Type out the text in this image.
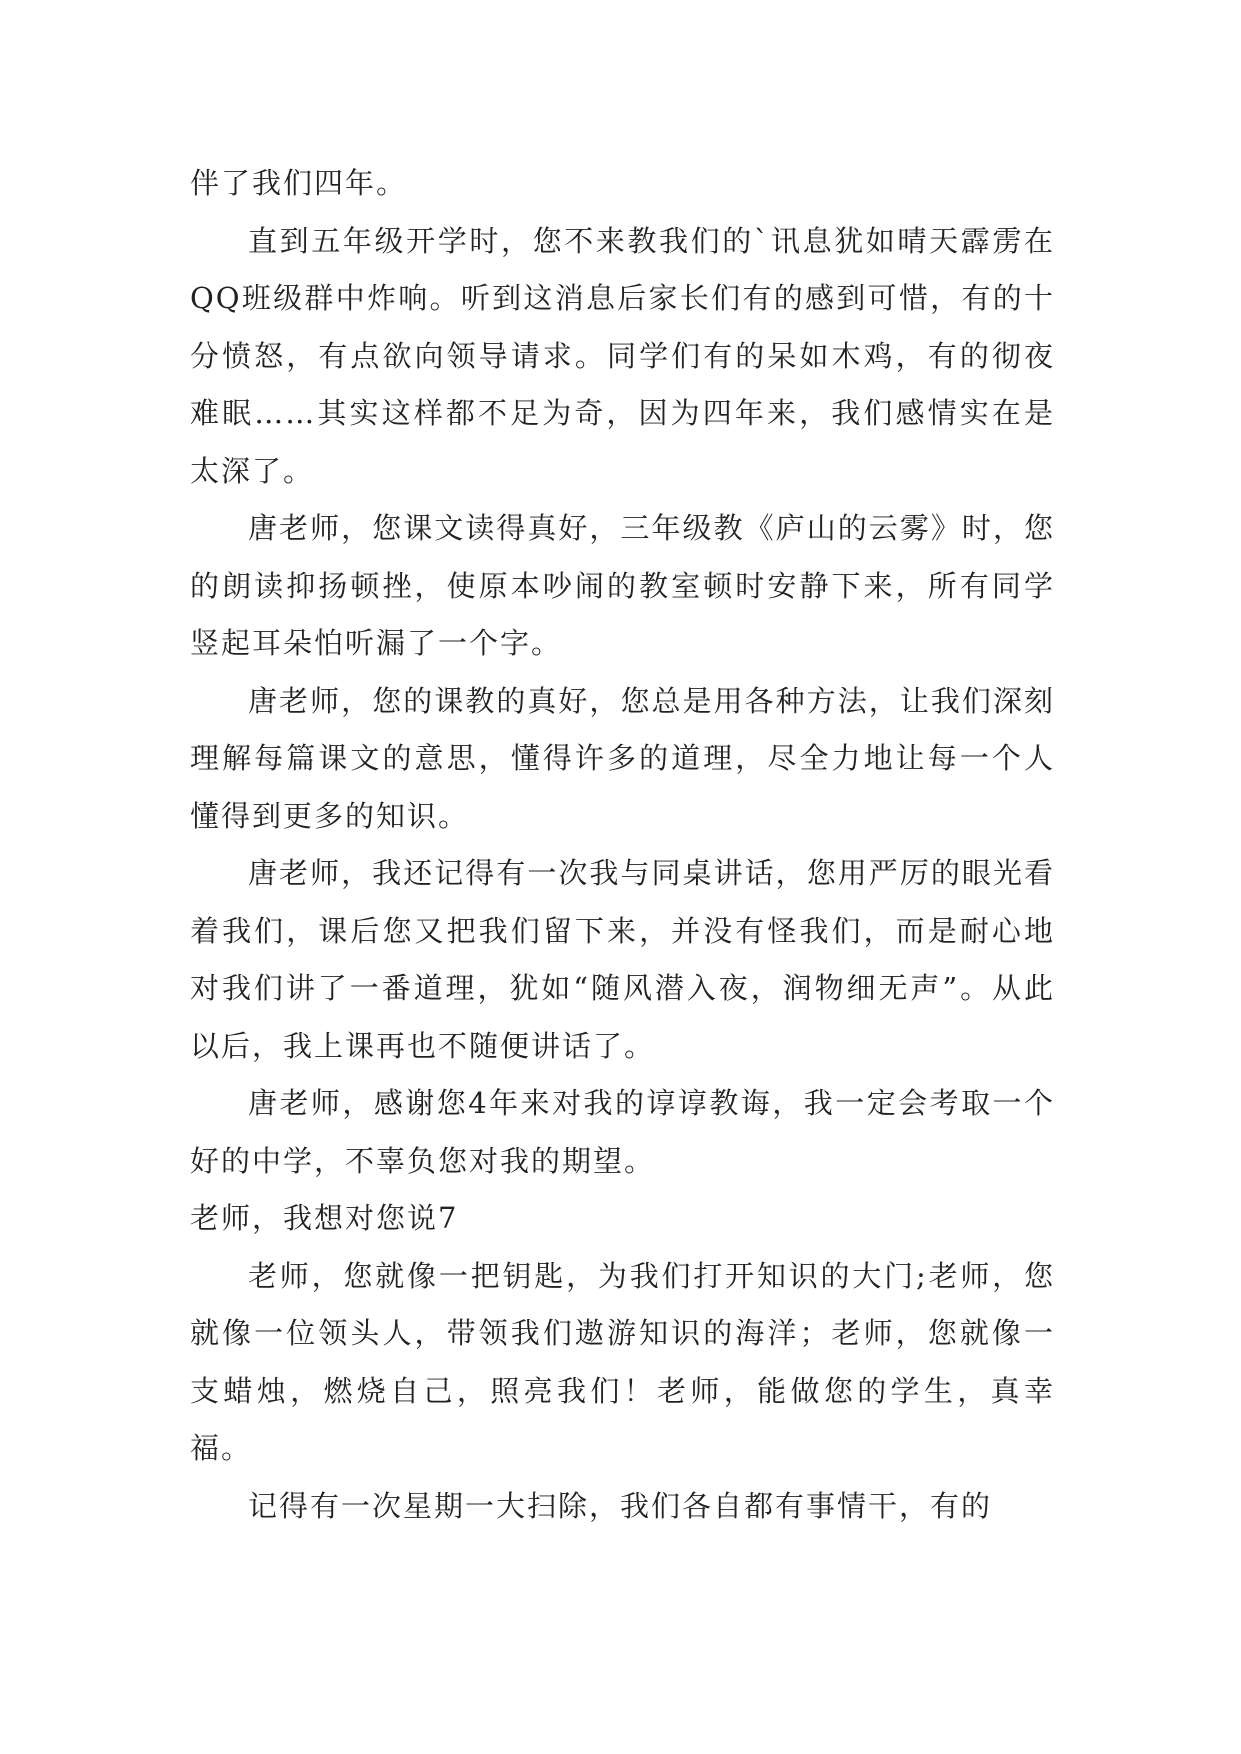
伴了我们四年。

直到五年级开学时，您不来教我们的`讯息犹如晴天霹雳在QQ班级群中炸响。听到这消息后家长们有的感到可惜，有的十分愤怒，有点欲向领导请求。同学们有的呆如木鸡，有的彻夜难眠……其实这样都不足为奇，因为四年来，我们感情实在是太深了。

唐老师，您课文读得真好，三年级教《庐山的云雾》时，您的朗读抑扬顿挫，使原本吵闹的教室顿时安静下来，所有同学竖起耳朵怕听漏了一个字。

唐老师，您的课教的真好，您总是用各种方法，让我们深刻理解每篇课文的意思，懂得许多的道理，尽全力地让每一个人懂得到更多的知识。

唐老师，我还记得有一次我与同桌讲话，您用严厉的眼光看着我们，课后您又把我们留下来，并没有怪我们，而是耐心地对我们讲了一番道理，犹如“随风潜入夜，润物细无声”。从此以后，我上课再也不随便讲话了。

唐老师，感谢您4年来对我的谆谆教诲，我一定会考取一个好的中学，不辜负您对我的期望。

老师，我想对您说7

老师，您就像一把钥匙，为我们打开知识的大门;老师，您就像一位领头人，带领我们遨游知识的海洋；老师，您就像一支蜡烛，燃烧自己，照亮我们！老师，能做您的学生，真幸福。

记得有一次星期一大扫除，我们各自都有事情干，有的
